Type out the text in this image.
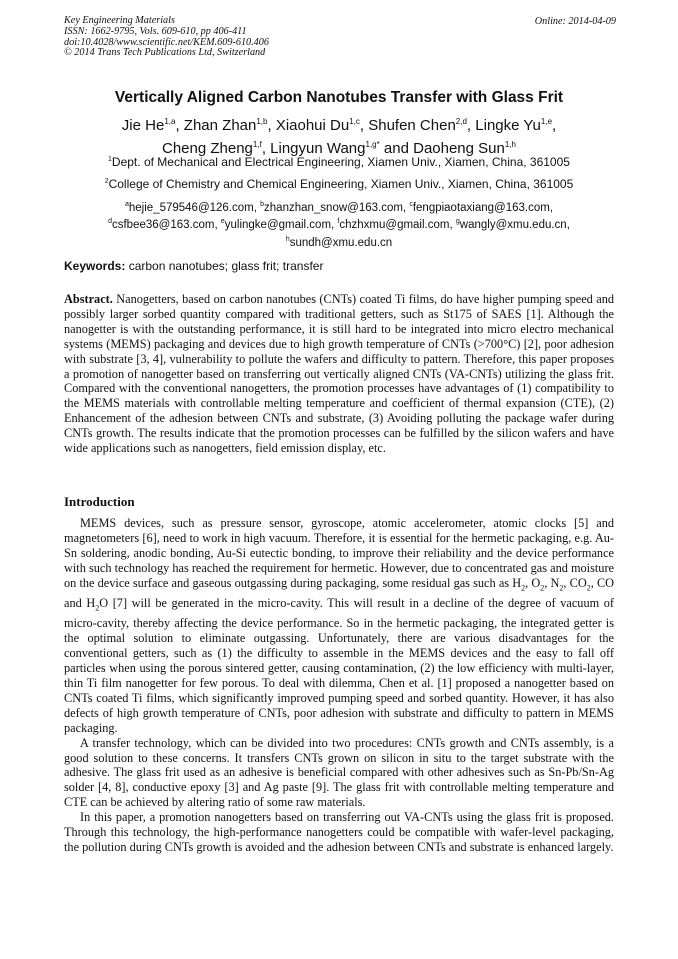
Key Engineering Materials
ISSN: 1662-9795, Vols. 609-610, pp 406-411
doi:10.4028/www.scientific.net/KEM.609-610.406
© 2014 Trans Tech Publications Ltd, Switzerland
Online: 2014-04-09
Vertically Aligned Carbon Nanotubes Transfer with Glass Frit
Jie He$^{1,a}$, Zhan Zhan$^{1,b}$, Xiaohui Du$^{1,c}$, Shufen Chen$^{2,d}$, Lingke Yu$^{1,e}$,
Cheng Zheng$^{1,f}$, Lingyun Wang$^{1,g*}$ and Daoheng Sun$^{1,h}$
$^1$Dept. of Mechanical and Electrical Engineering, Xiamen Univ., Xiamen, China, 361005
$^2$College of Chemistry and Chemical Engineering, Xiamen Univ., Xiamen, China, 361005
$^a$hejie_579546@126.com, $^b$zhanzhan_snow@163.com, $^c$fengpiaotaxiang@163.com,
$^d$csfbee36@163.com, $^e$yulingke@gmail.com, $^f$chzhxmu@gmail.com, $^g$wangly@xmu.edu.cn,
$^h$sundh@xmu.edu.cn
Keywords: carbon nanotubes; glass frit; transfer

Abstract. Nanogetters, based on carbon nanotubes (CNTs) coated Ti films, do have higher pumping speed and possibly larger sorbed quantity compared with traditional getters, such as St175 of SAES [1]. Although the nanogetter is with the outstanding performance, it is still hard to be integrated into micro electro mechanical systems (MEMS) packaging and devices due to high growth temperature of CNTs (>700°C) [2], poor adhesion with substrate [3, 4], vulnerability to pollute the wafers and difficulty to pattern. Therefore, this paper proposes a promotion of nanogetter based on transferring out vertically aligned CNTs (VA-CNTs) utilizing the glass frit. Compared with the conventional nanogetters, the promotion processes have advantages of (1) compatibility to the MEMS materials with controllable melting temperature and coefficient of thermal expansion (CTE), (2) Enhancement of the adhesion between CNTs and substrate, (3) Avoiding polluting the package wafer during CNTs growth. The results indicate that the promotion processes can be fulfilled by the silicon wafers and have wide applications such as nanogetters, field emission display, etc.

Introduction

MEMS devices, such as pressure sensor, gyroscope, atomic accelerometer, atomic clocks [5] and magnetometers [6], need to work in high vacuum. Therefore, it is essential for the hermetic packaging, e.g. Au-Sn soldering, anodic bonding, Au-Si eutectic bonding, to improve their reliability and the device performance with such technology has reached the requirement for hermetic. However, due to concentrated gas and moisture on the device surface and gaseous outgassing during packaging, some residual gas such as $H_2$, $O_2$, $N_2$, $CO_2$, CO and $H_2O$ [7] will be generated in the micro-cavity. This will result in a decline of the degree of vacuum of micro-cavity, thereby affecting the device performance. So in the hermetic packaging, the integrated getter is the optimal solution to eliminate outgassing. Unfortunately, there are various disadvantages for the conventional getters, such as (1) the difficulty to assemble in the MEMS devices and the easy to fall off particles when using the porous sintered getter, causing contamination, (2) the low efficiency with multi-layer, thin Ti film nanogetter for few porous. To deal with dilemma, Chen et al. [1] proposed a nanogetter based on CNTs coated Ti films, which significantly improved pumping speed and sorbed quantity. However, it has also defects of high growth temperature of CNTs, poor adhesion with substrate and difficulty to pattern in MEMS packaging.

A transfer technology, which can be divided into two procedures: CNTs growth and CNTs assembly, is a good solution to these concerns. It transfers CNTs grown on silicon in situ to the target substrate with the adhesive. The glass frit used as an adhesive is beneficial compared with other adhesives such as Sn-Pb/Sn-Ag solder [4, 8], conductive epoxy [3] and Ag paste [9]. The glass frit with controllable melting temperature and CTE can be achieved by altering ratio of some raw materials.

In this paper, a promotion nanogetters based on transferring out VA-CNTs using the glass frit is proposed. Through this technology, the high-performance nanogetters could be compatible with wafer-level packaging, the pollution during CNTs growth is avoided and the adhesion between CNTs and substrate is enhanced largely.
